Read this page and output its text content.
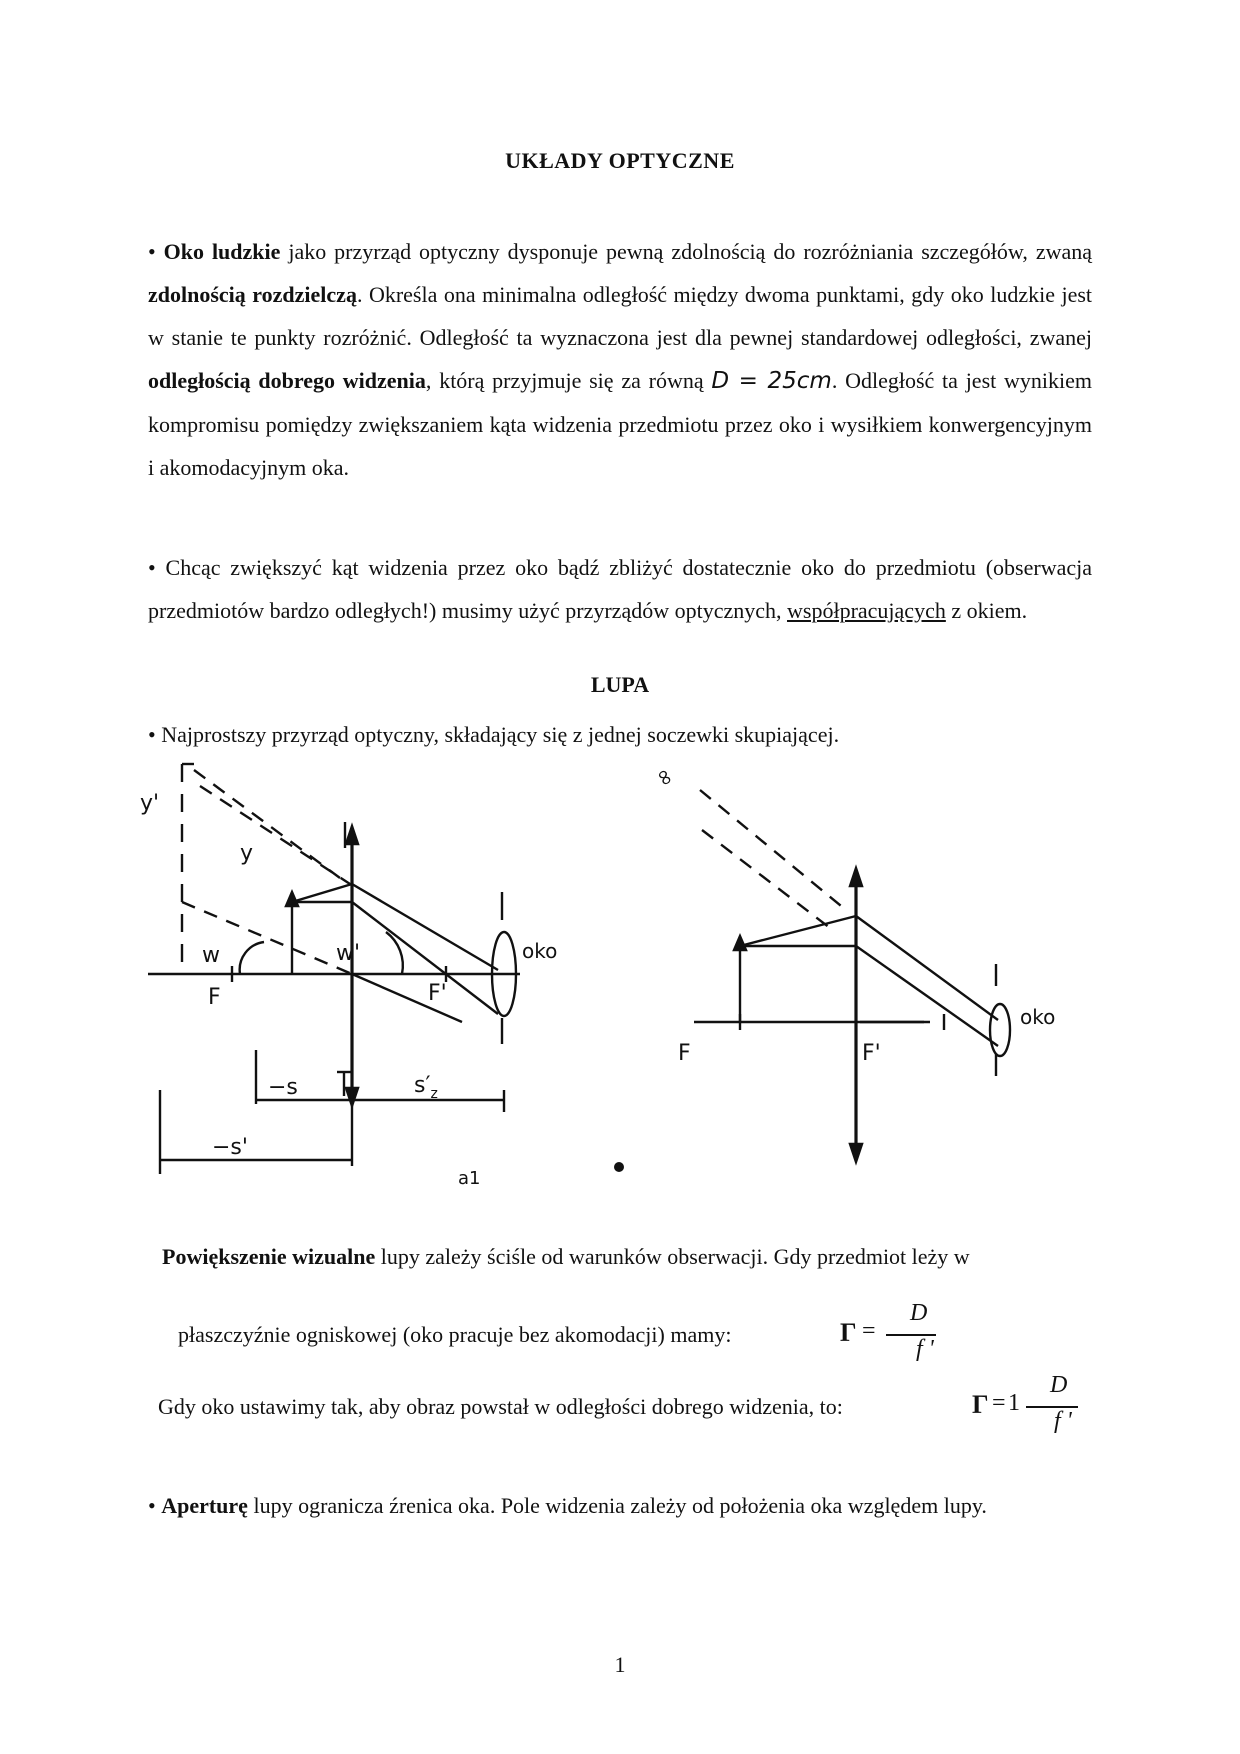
UKŁADY OPTYCZNE
• Oko ludzkie jako przyrząd optyczny dysponuje pewną zdolnością do rozróżniania szczegółów, zwaną zdolnością rozdzielczą. Określa ona minimalna odległość między dwoma punktami, gdy oko ludzkie jest w stanie te punkty rozróżnić. Odległość ta wyznaczona jest dla pewnej standardowej odległości, zwanej odległością dobrego widzenia, którą przyjmuje się za równą D = 25cm. Odległość ta jest wynikiem kompromisu pomiędzy zwiększaniem kąta widzenia przedmiotu przez oko i wysiłkiem konwergencyjnym i akomodacyjnym oka.
• Chcąc zwiększyć kąt widzenia przez oko bądź zbliżyć dostatecznie oko do przedmiotu (obserwacja przedmiotów bardzo odległych!) musimy użyć przyrządów optycznych, współpracujących z okiem.
LUPA
• Najprostszy przyrząd optyczny, składający się z jednej soczewki skupiającej.
y'
y
w	w'
F	F'
oko
−s	$s'_z$
−s'
a1
∞
F	F'
oko
Powiększenie wizualne lupy zależy ściśle od warunków obserwacji. Gdy przedmiot leży w
płaszczyźnie ogniskowej (oko pracuje bez akomodacji) mamy:
Gdy oko ustawimy tak, aby obraz powstał w odległości dobrego widzenia, to:
Γ =
D
f '
Γ = 1
D
f '
• Aperturę lupy ogranicza źrenica oka. Pole widzenia zależy od położenia oka względem lupy.
1
